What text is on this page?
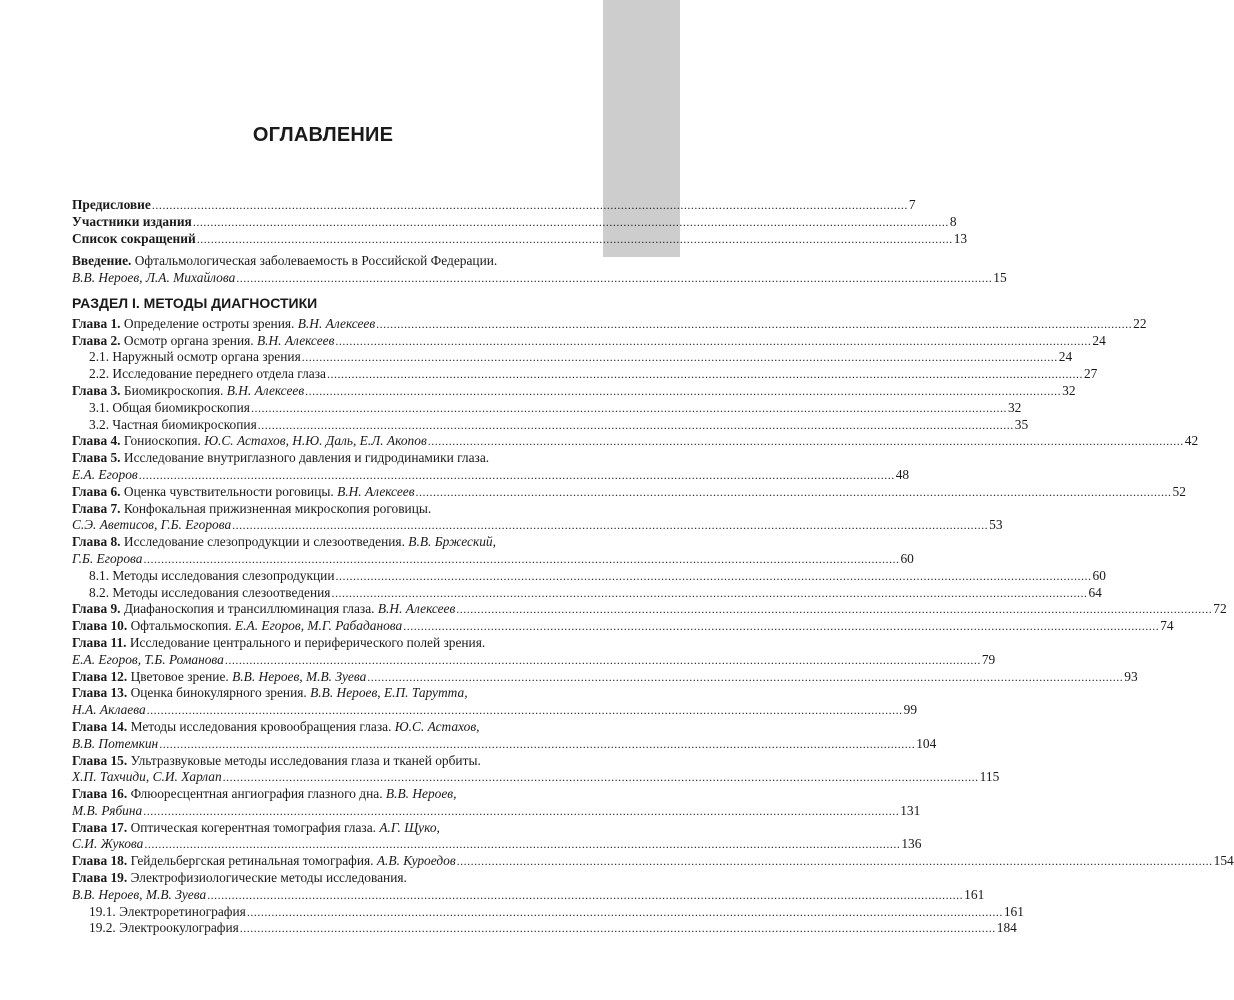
ОГЛАВЛЕНИЕ
Предисловие .....	7
Участники издания .....	8
Список сокращений .....	13
Введение. Офтальмологическая заболеваемость в Российской Федерации.
В.В. Нероев, Л.А. Михайлова .....	15
РАЗДЕЛ I. МЕТОДЫ ДИАГНОСТИКИ
Глава 1. Определение остроты зрения. В.Н. Алексеев .....	22
Глава 2. Осмотр органа зрения. В.Н. Алексеев .....	24
2.1. Наружный осмотр органа зрения .....	24
2.2. Исследование переднего отдела глаза .....	27
Глава 3. Биомикроскопия. В.Н. Алексеев .....	32
3.1. Общая биомикроскопия .....	32
3.2. Частная биомикроскопия .....	35
Глава 4. Гониоскопия. Ю.С. Астахов, Н.Ю. Даль, Е.Л. Акопов .....	42
Глава 5. Исследование внутриглазного давления и гидродинамики глаза.
Е.А. Егоров .....	48
Глава 6. Оценка чувствительности роговицы. В.Н. Алексеев .....	52
Глава 7. Конфокальная прижизненная микроскопия роговицы.
С.Э. Аветисов, Г.Б. Егорова .....	53
Глава 8. Исследование слезопродукции и слезоотведения. В.В. Бржеский,
Г.Б. Егорова .....	60
8.1. Методы исследования слезопродукции .....	60
8.2. Методы исследования слезоотведения .....	64
Глава 9. Диафаноскопия и трансиллюминация глаза. В.Н. Алексеев .....	72
Глава 10. Офтальмоскопия. Е.А. Егоров, М.Г. Рабаданова .....	74
Глава 11. Исследование центрального и периферического полей зрения.
Е.А. Егоров, Т.Б. Романова .....	79
Глава 12. Цветовое зрение. В.В. Нероев, М.В. Зуева .....	93
Глава 13. Оценка бинокулярного зрения. В.В. Нероев, Е.П. Тарутта,
Н.А. Аклаева .....	99
Глава 14. Методы исследования кровообращения глаза. Ю.С. Астахов,
В.В. Потемкин .....	104
Глава 15. Ультразвуковые методы исследования глаза и тканей орбиты.
Х.П. Тахчиди, С.И. Харлап .....	115
Глава 16. Флюоресцентная ангиография глазного дна. В.В. Нероев,
М.В. Рябина .....	131
Глава 17. Оптическая когерентная томография глаза. А.Г. Щуко,
С.И. Жукова .....	136
Глава 18. Гейдельбергская ретинальная томография. А.В. Куроедов .....	154
Глава 19. Электрофизиологические методы исследования.
В.В. Нероев, М.В. Зуева .....	161
19.1. Электроретинография .....	161
19.2. Электроокулография .....	184
